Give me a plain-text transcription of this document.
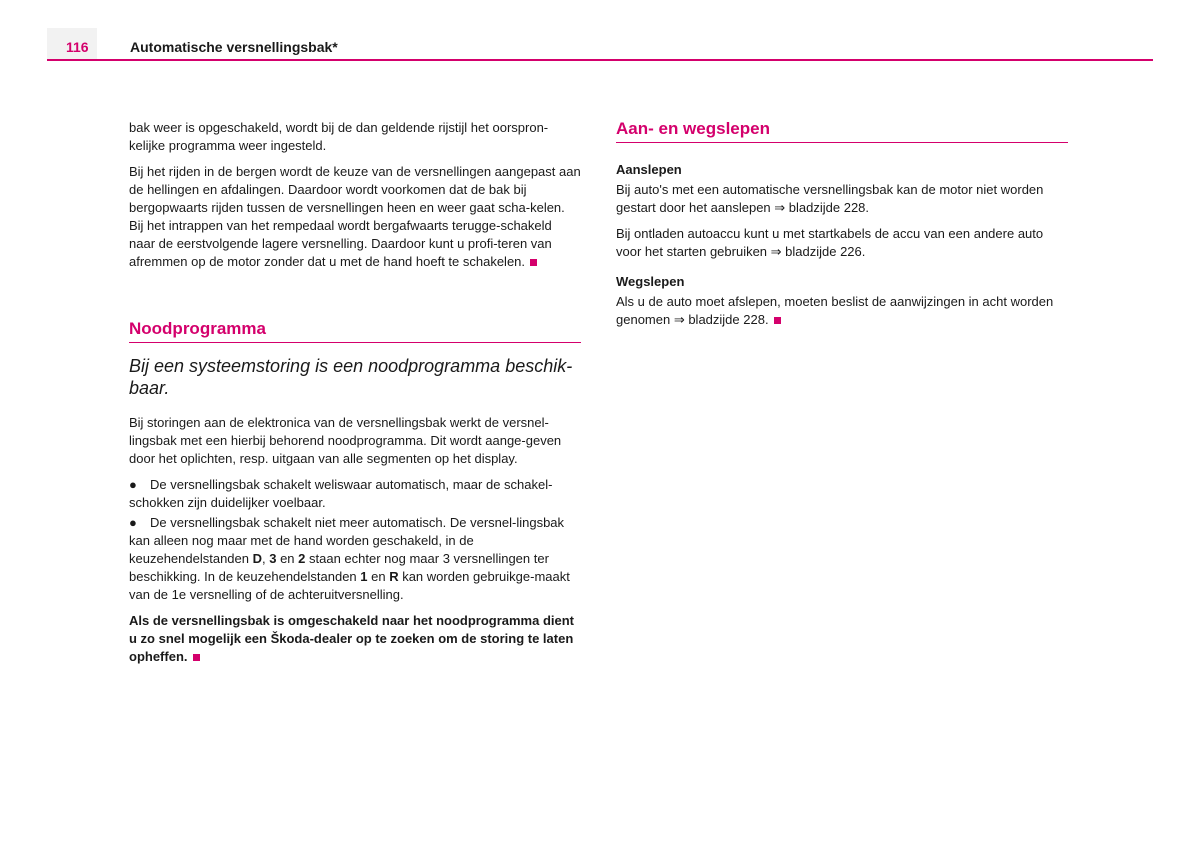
116	Automatische versnellingsbak*

bak weer is opgeschakeld, wordt bij de dan geldende rijstijl het oorspron-kelijke programma weer ingesteld.

Bij het rijden in de bergen wordt de keuze van de versnellingen aangepast aan de hellingen en afdalingen. Daardoor wordt voorkomen dat de bak bij bergopwaarts rijden tussen de versnellingen heen en weer gaat scha-kelen. Bij het intrappen van het rempedaal wordt bergafwaarts terugge-schakeld naar de eerstvolgende lagere versnelling. Daardoor kunt u profi-teren van afremmen op de motor zonder dat u met de hand hoeft te schakelen.

Noodprogramma

Bij een systeemstoring is een noodprogramma beschik-baar.

Bij storingen aan de elektronica van de versnellingsbak werkt de versnel-lingsbak met een hierbij behorend noodprogramma. Dit wordt aange-geven door het oplichten, resp. uitgaan van alle segmenten op het display.

● De versnellingsbak schakelt weliswaar automatisch, maar de schakel-schokken zijn duidelijker voelbaar.

● De versnellingsbak schakelt niet meer automatisch. De versnel-lingsbak kan alleen nog maar met de hand worden geschakeld, in de keuzehendelstanden D, 3 en 2 staan echter nog maar 3 versnellingen ter beschikking. In de keuzehendelstanden 1 en R kan worden gebruikge-maakt van de 1e versnelling of de achteruitversnelling.

Als de versnellingsbak is omgeschakeld naar het noodprogramma dient u zo snel mogelijk een Škoda-dealer op te zoeken om de storing te laten opheffen.

Aan- en wegslepen

Aanslepen

Bij auto's met een automatische versnellingsbak kan de motor niet worden gestart door het aanslepen ⇒ bladzijde 228.

Bij ontladen autoaccu kunt u met startkabels de accu van een andere auto voor het starten gebruiken ⇒ bladzijde 226.

Wegslepen

Als u de auto moet afslepen, moeten beslist de aanwijzingen in acht worden genomen ⇒ bladzijde 228.
